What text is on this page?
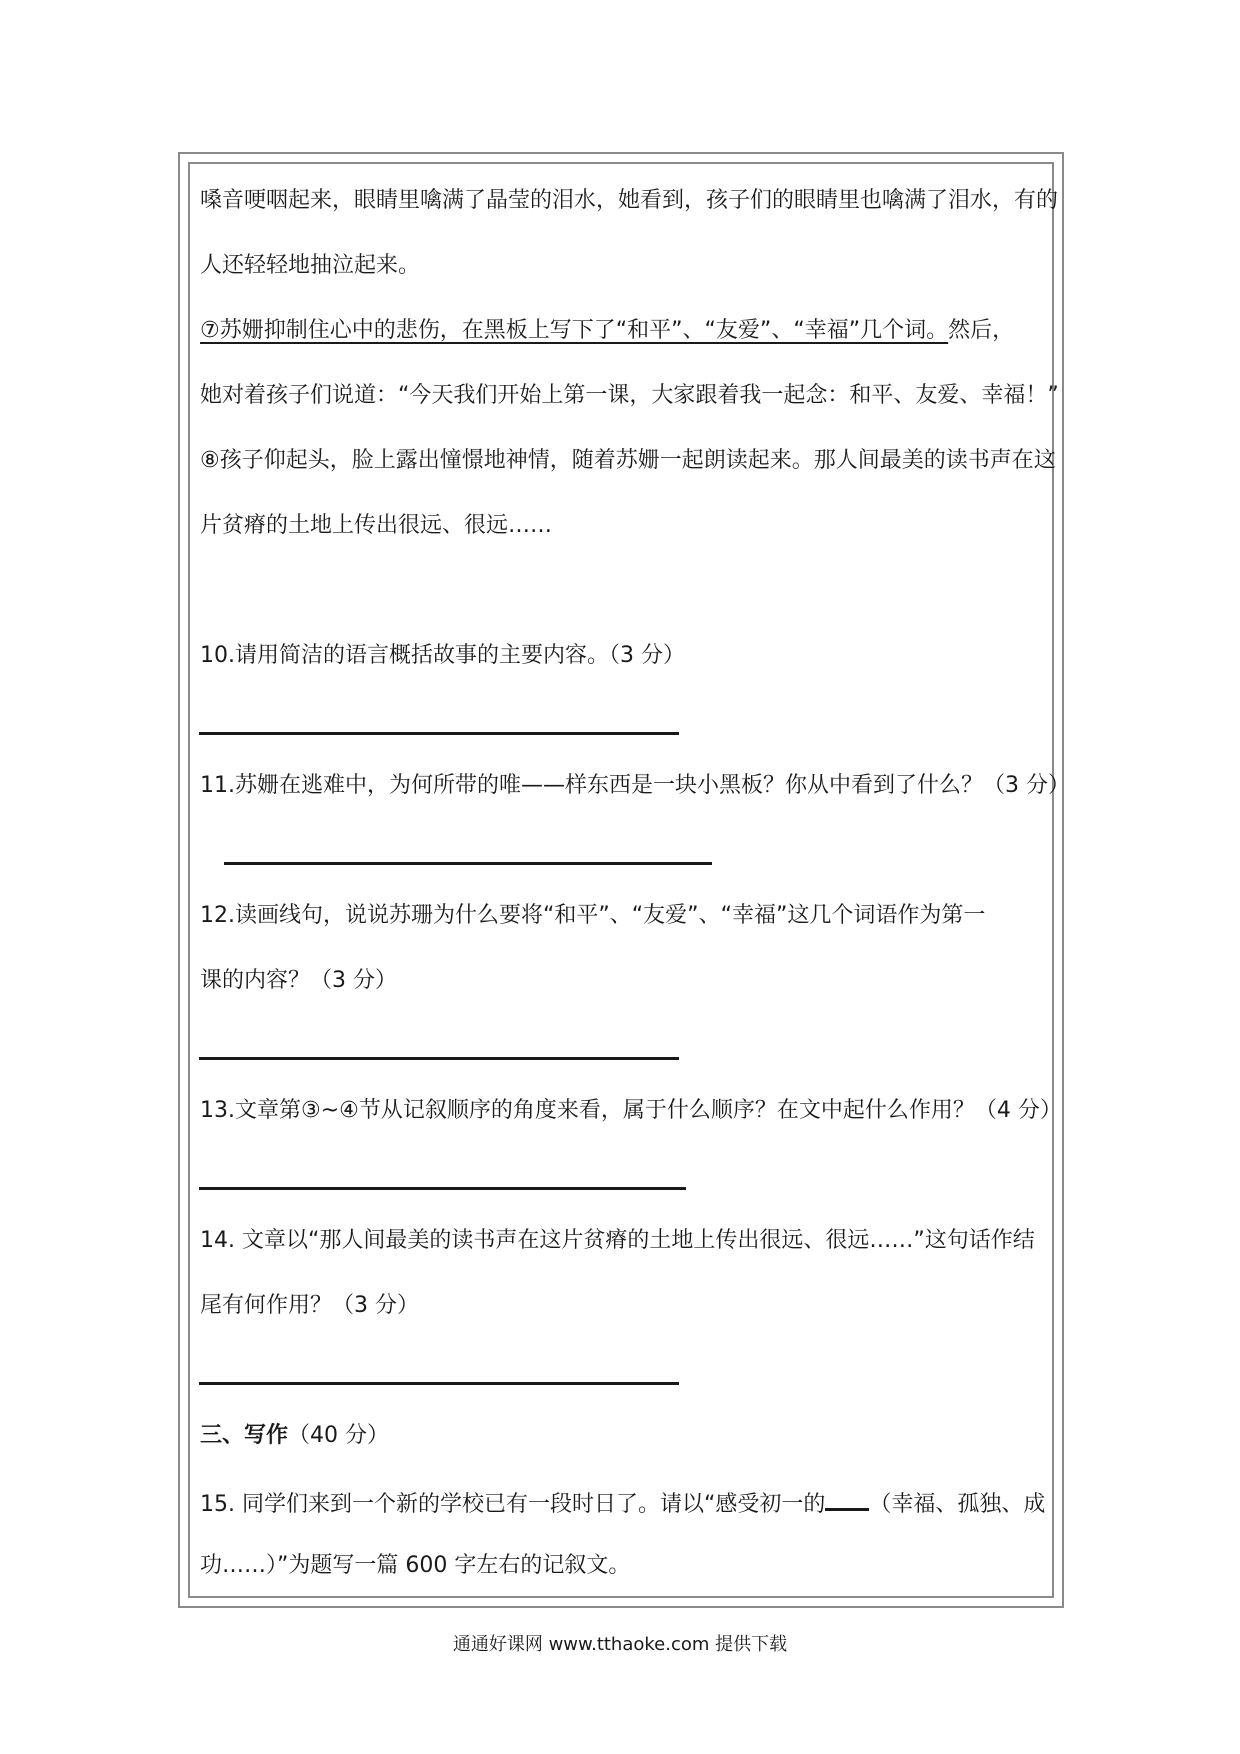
嗓音哽咽起来，眼睛里噙满了晶莹的泪水，她看到，孩子们的眼睛里也噙满了泪水，有的
人还轻轻地抽泣起来。
⑦苏姗抑制住心中的悲伤，在黑板上写下了“和平”、“友爱”、“幸福”几个词。然后，
她对着孩子们说道：“今天我们开始上第一课，大家跟着我一起念：和平、友爱、幸福！”
⑧孩子仰起头，脸上露出憧憬地神情，随着苏姗一起朗读起来。那人间最美的读书声在这
片贫瘠的土地上传出很远、很远……
10.请用简洁的语言概括故事的主要内容。（3 分）
11.苏姗在逃难中，为何所带的唯——样东西是一块小黑板？你从中看到了什么？（3 分）
12.读画线句，说说苏珊为什么要将“和平”、“友爱”、“幸福”这几个词语作为第一
课的内容？（3 分）
13.文章第③~④节从记叙顺序的角度来看，属于什么顺序？在文中起什么作用？（4 分）
14. 文章以“那人间最美的读书声在这片贫瘠的土地上传出很远、很远……”这句话作结
尾有何作用？（3 分）
三、写作（40 分）
15. 同学们来到一个新的学校已有一段时日了。请以“感受初一的 （幸福、孤独、成
功……）”为题写一篇 600 字左右的记叙文。
通通好课网 www.tthaoke.com 提供下载
